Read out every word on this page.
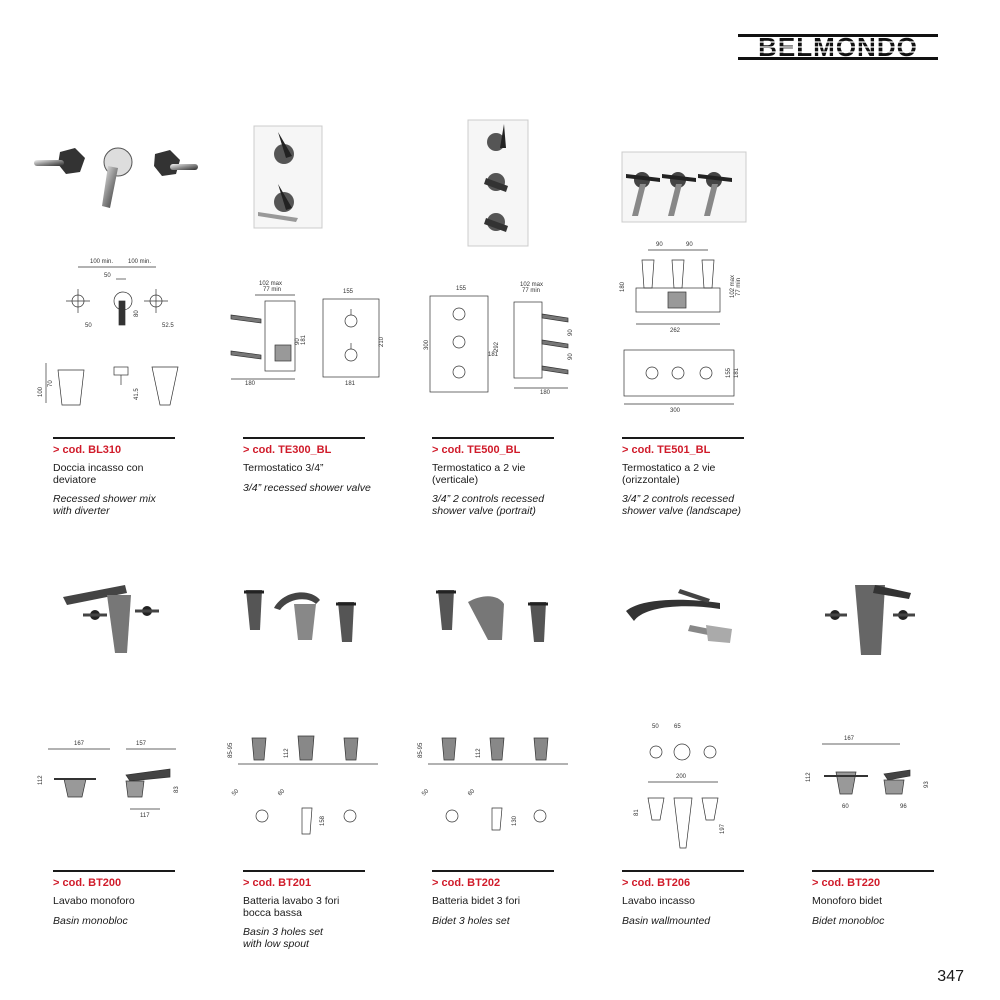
BELMONDO
100 min. 100 min.
50
50
80
52.5
100
70
41.5
102 max
77 min
90
180
155
181	210
181
155
300
102 max
77 min
292
181
90
90
180
90	90
180	102 max 77 min
262
155 181
300
> cod. BL310
Doccia incasso con
deviatore
Recessed shower mix
with diverter
> cod. TE300_BL
Termostatico 3/4”
3/4” recessed shower valve
> cod. TE500_BL
Termostatico a 2 vie
(verticale)
3/4” 2 controls recessed
shower valve (portrait)
> cod. TE501_BL
Termostatico a 2 vie
(orizzontale)
3/4” 2 controls recessed
shower valve (landscape)
167
112
157
83
117
85-95	112
50	60
158
85-95	112
50	60
130
50	65
200
81
197
167
112
60
93
96
> cod. BT200
Lavabo monoforo
Basin monobloc
> cod. BT201
Batteria lavabo 3 fori
bocca bassa
Basin 3 holes set
with low spout
> cod. BT202
Batteria bidet 3 fori
Bidet 3 holes set
> cod. BT206
Lavabo incasso
Basin wallmounted
> cod. BT220
Monoforo bidet
Bidet monobloc
347
